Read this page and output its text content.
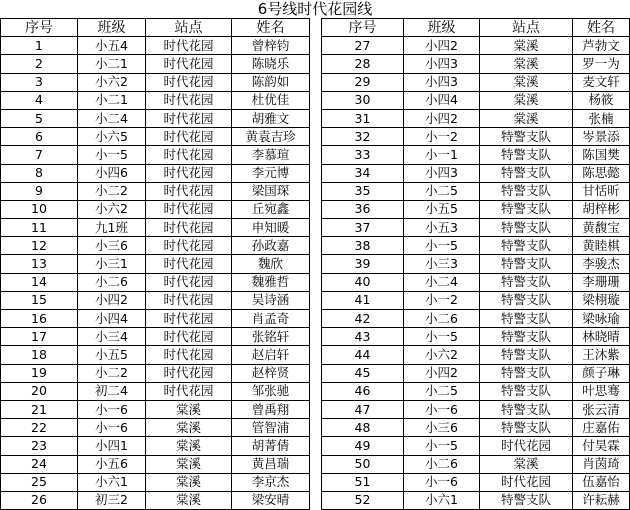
6号线时代花园线
序号	班级	站点	姓名
1	小五4	时代花园	曾梓钧
2	小二1	时代花园	陈晓乐
3	小六2	时代花园	陈韵如
4	小二1	时代花园	杜优佳
5	小二4	时代花园	胡雅文
6	小六5	时代花园	黄袁吉珍
7	小一5	时代花园	李慕瑄
8	小四6	时代花园	李元博
9	小二2	时代花园	梁国琛
10	小六2	时代花园	丘宛鑫
11	九1班	时代花园	申知暖
12	小三6	时代花园	孙政嘉
13	小三1	时代花园	魏欣
14	小二6	时代花园	魏雅哲
15	小四2	时代花园	吴诗涵
16	小四4	时代花园	肖孟奇
17	小三4	时代花园	张铭轩
18	小五5	时代花园	赵启轩
19	小二2	时代花园	赵梓贤
20	初二4	时代花园	邹张驰
21	小一6	棠溪	曾禹翔
22	小一6	棠溪	管智浦
23	小四1	棠溪	胡菁倩
24	小五6	棠溪	黄昌瑞
25	小六1	棠溪	李京杰
26	初三2	棠溪	梁安晴
序号	班级	站点	姓名
27	小四2	棠溪	芦勃文
28	小四3	棠溪	罗一为
29	小四3	棠溪	麦文轩
30	小四4	棠溪	杨筱
31	小四2	棠溪	张楠
32	小一2	特警支队	岑景添
33	小一1	特警支队	陈国樊
34	小四3	特警支队	陈思懿
35	小二5	特警支队	甘恬昕
36	小五5	特警支队	胡梓彬
37	小五3	特警支队	黄馥宝
38	小一5	特警支队	黄睦棋
39	小三3	特警支队	李骏杰
40	小二4	特警支队	李珊珊
41	小一2	特警支队	梁栩璇
42	小二6	特警支队	梁咏瑜
43	小一5	特警支队	林晓晴
44	小六2	特警支队	王沐紫
45	小四2	特警支队	颜子琳
46	小二5	特警支队	叶思骞
47	小一6	特警支队	张云清
48	小三6	特警支队	庄嘉佑
49	小一5	时代花园	付昊霖
50	小二6	棠溪	肖茵琦
51	小一6	时代花园	伍嘉怡
52	小六1	特警支队	许耘赫
